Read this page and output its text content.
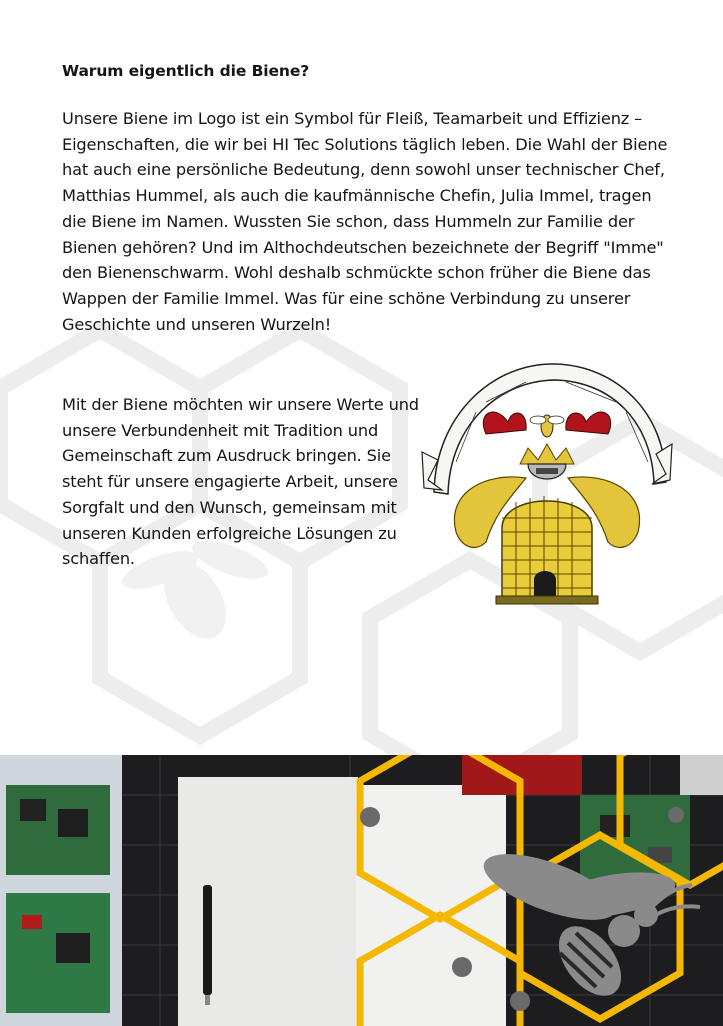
Warum eigentlich die Biene?

Unsere Biene im Logo ist ein Symbol für Fleiß, Teamarbeit und Effizienz – Eigenschaften, die wir bei HI Tec Solutions täglich leben. Die Wahl der Biene hat auch eine persönliche Bedeutung, denn sowohl unser technischer Chef, Matthias Hummel, als auch die kaufmännische Chefin, Julia Immel, tragen die Biene im Namen. Wussten Sie schon, dass Hummeln zur Familie der Bienen gehören? Und im Althochdeutschen bezeichnete der Begriff "Imme" den Bienenschwarm. Wohl deshalb schmückte schon früher die Biene das Wappen der Familie Immel. Was für eine schöne Verbindung zu unserer Geschichte und unseren Wurzeln!

Mit der Biene möchten wir unsere Werte und unsere Verbundenheit mit Tradition und Gemeinschaft zum Ausdruck bringen. Sie steht für unsere engagierte Arbeit, unsere Sorgfalt und den Wunsch, gemeinsam mit unseren Kunden erfolgreiche Lösungen zu schaffen.
